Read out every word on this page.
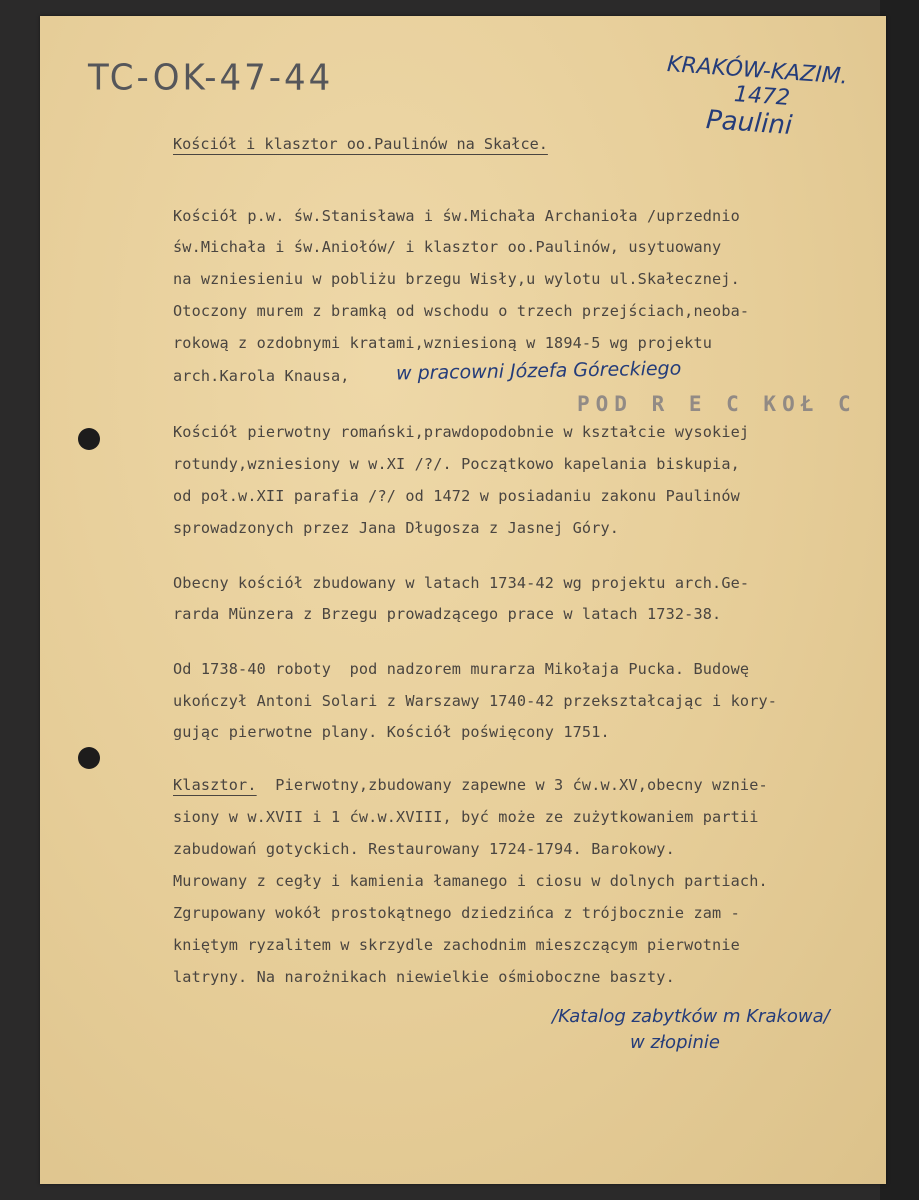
TC-OK-47-44	KRAKÓW-KAZIM.
1472
Paulini
Kościół i klasztor oo.Paulinów na Skałce.
Kościół p.w. św.Stanisława i św.Michała Archanioła /uprzednio
św.Michała i św.Aniołów/ i klasztor oo.Paulinów, usytuowany
na wzniesieniu w pobliżu brzegu Wisły,u wylotu ul.Skałecznej.
Otoczony murem z bramką od wschodu o trzech przejściach,neoba-
rokową z ozdobnymi kratami,wzniesioną w 1894-5 wg projektu
arch.Karola Knausa, w pracowni Józefa Góreckiego
POD R E C KOŁ C
Kościół pierwotny romański,prawdopodobnie w kształcie wysokiej
rotundy,wzniesiony w w.XI /?/. Początkowo kapelania biskupia,
od poł.w.XII parafia /?/ od 1472 w posiadaniu zakonu Paulinów
sprowadzonych przez Jana Długosza z Jasnej Góry.
Obecny kościół zbudowany w latach 1734-42 wg projektu arch.Ge-
rarda Münzera z Brzegu prowadzącego prace w latach 1732-38.
Od 1738-40 roboty  pod nadzorem murarza Mikołaja Pucka. Budowę
ukończył Antoni Solari z Warszawy 1740-42 przekształcając i kory-
gując pierwotne plany. Kościół poświęcony 1751.
Klasztor.  Pierwotny,zbudowany zapewne w 3 ćw.w.XV,obecny wznie-
siony w w.XVII i 1 ćw.w.XVIII, być może ze zużytkowaniem partii
zabudowań gotyckich. Restaurowany 1724-1794. Barokowy.
Murowany z cegły i kamienia łamanego i ciosu w dolnych partiach.
Zgrupowany wokół prostokątnego dziedzińca z trójbocznie zam -
kniętym ryzalitem w skrzydle zachodnim mieszczącym pierwotnie
latryny. Na narożnikach niewielkie ośmioboczne baszty.
/Katalog zabytków m Krakowa/
w złopinie
